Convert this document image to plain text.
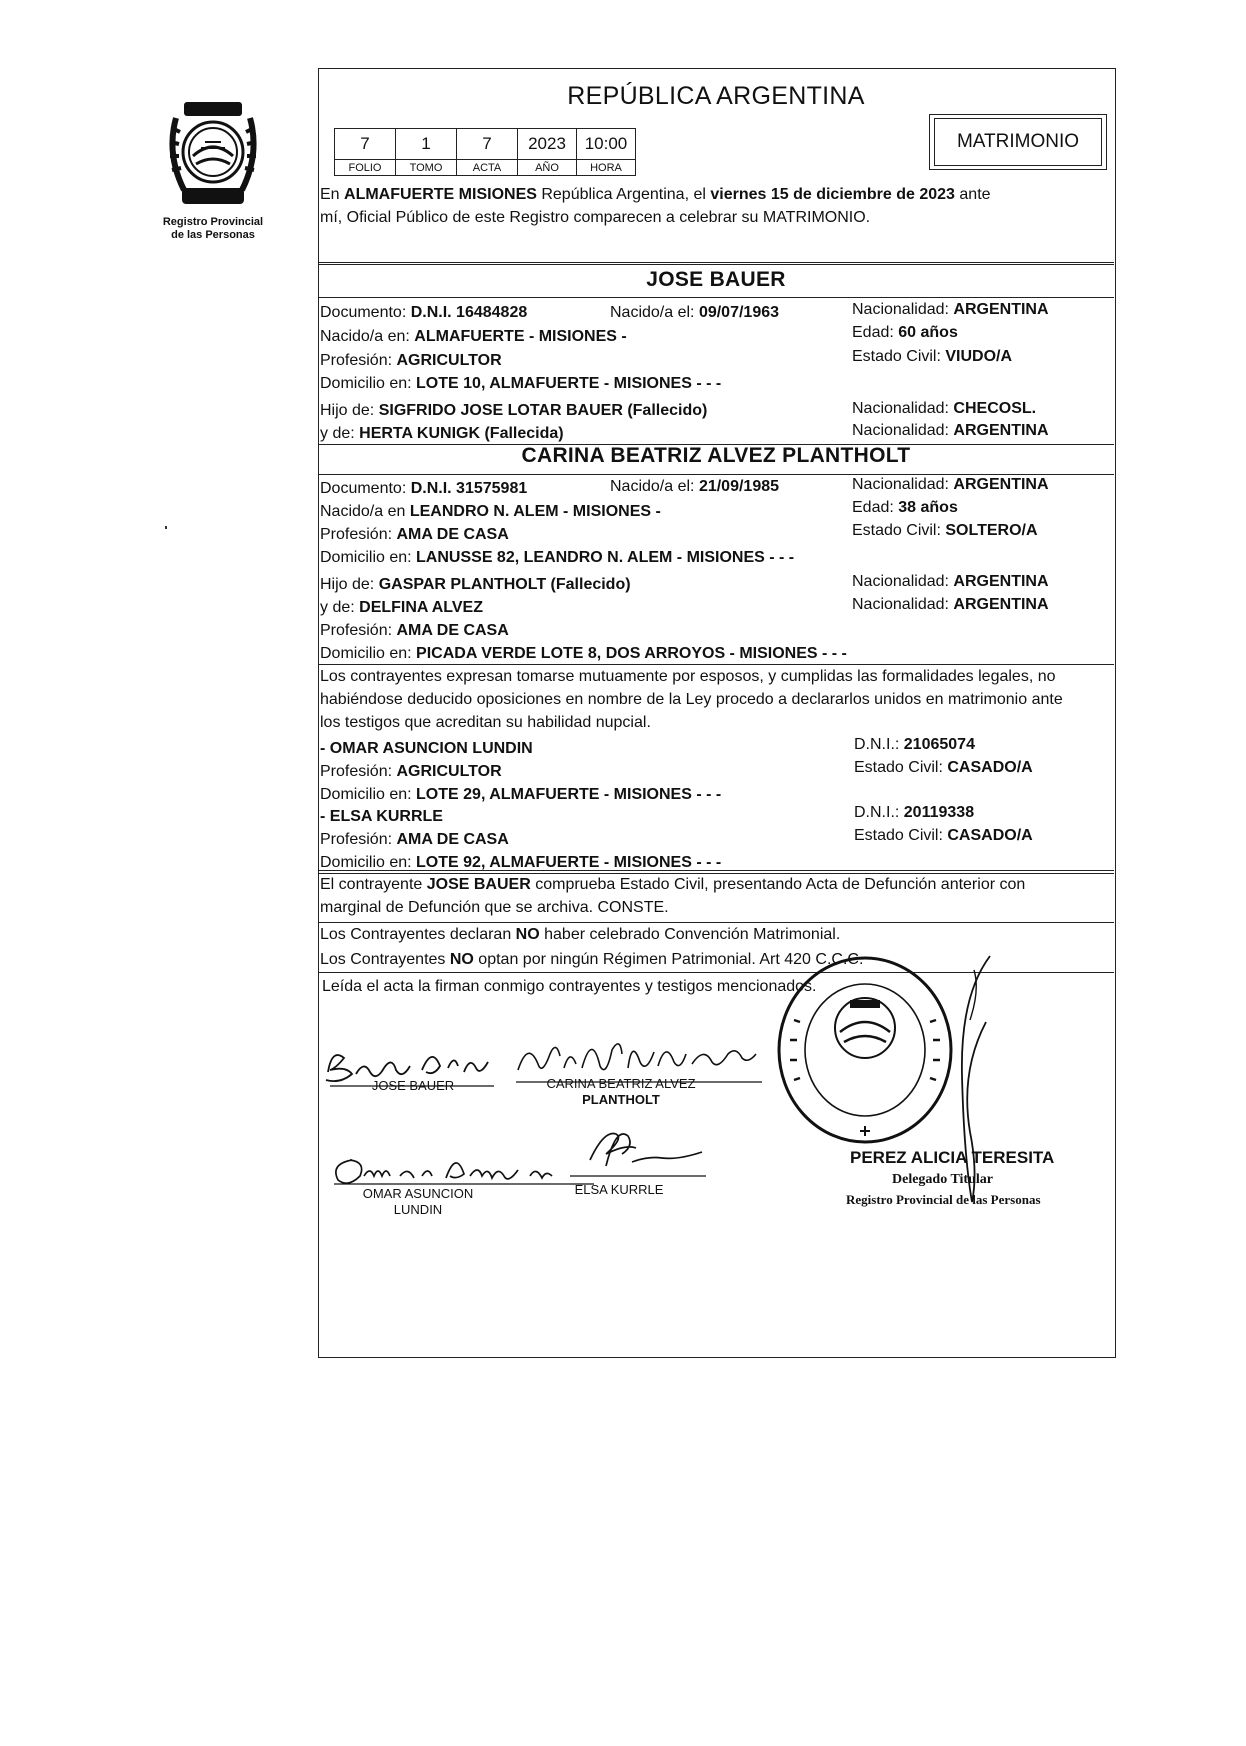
Registro Provincial
de las Personas
REPÚBLICA ARGENTINA
7	1	7	2023	10:00
FOLIO	TOMO	ACTA	AÑO	HORA
MATRIMONIO
En ALMAFUERTE MISIONES República Argentina, el viernes 15 de diciembre de 2023 ante
mí, Oficial Público de este Registro comparecen a celebrar su MATRIMONIO.
JOSE BAUER
Documento: D.N.I. 16484828	Nacido/a el: 09/07/1963	Nacionalidad: ARGENTINA
Nacido/a en: ALMAFUERTE - MISIONES -	Edad: 60 años
Profesión: AGRICULTOR	Estado Civil: VIUDO/A
Domicilio en: LOTE 10, ALMAFUERTE - MISIONES - - -
Hijo de: SIGFRIDO JOSE LOTAR BAUER (Fallecido)	Nacionalidad: CHECOSL.
y de: HERTA KUNIGK (Fallecida)	Nacionalidad: ARGENTINA
CARINA BEATRIZ ALVEZ PLANTHOLT
Documento: D.N.I. 31575981	Nacido/a el: 21/09/1985	Nacionalidad: ARGENTINA
Nacido/a en LEANDRO N. ALEM - MISIONES -	Edad: 38 años
Profesión: AMA DE CASA	Estado Civil: SOLTERO/A
Domicilio en: LANUSSE 82, LEANDRO N. ALEM - MISIONES - - -
Hijo de: GASPAR PLANTHOLT (Fallecido)	Nacionalidad: ARGENTINA
y de: DELFINA ALVEZ	Nacionalidad: ARGENTINA
Profesión: AMA DE CASA
Domicilio en: PICADA VERDE LOTE 8, DOS ARROYOS - MISIONES - - -
Los contrayentes expresan tomarse mutuamente por esposos, y cumplidas las formalidades legales, no
habiéndose deducido oposiciones en nombre de la Ley procedo a declararlos unidos en matrimonio ante
los testigos que acreditan su habilidad nupcial.
- OMAR ASUNCION LUNDIN	D.N.I.: 21065074
Profesión: AGRICULTOR	Estado Civil: CASADO/A
Domicilio en: LOTE 29, ALMAFUERTE - MISIONES - - -
- ELSA KURRLE	D.N.I.: 20119338
Profesión: AMA DE CASA	Estado Civil: CASADO/A
Domicilio en: LOTE 92, ALMAFUERTE - MISIONES - - -
El contrayente JOSE BAUER comprueba Estado Civil, presentando Acta de Defunción anterior con
marginal de Defunción que se archiva. CONSTE.
Los Contrayentes declaran NO haber celebrado Convención Matrimonial.
Los Contrayentes NO optan por ningún Régimen Patrimonial. Art 420 C.C.C.
Leída el acta la firman conmigo contrayentes y testigos mencionados.
JOSE BAUER	CARINA BEATRIZ ALVEZ
PLANTHOLT
OMAR ASUNCION
LUNDIN
ELSA KURRLE
PEREZ ALICIA TERESITA
Delegado Titular
Registro Provincial de las Personas
